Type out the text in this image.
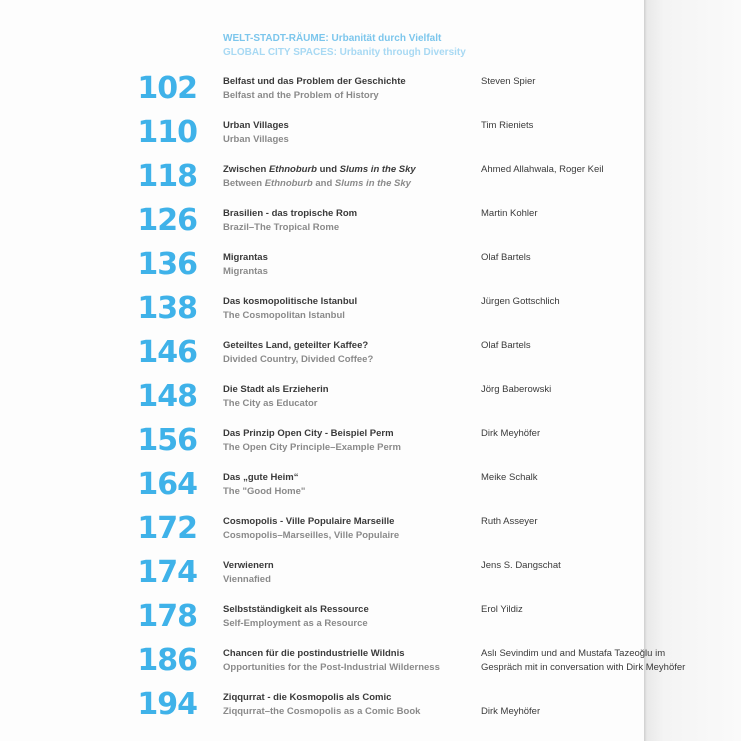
WELT-STADT-RÄUME: Urbanität durch Vielfalt
GLOBAL CITY SPACES: Urbanity through Diversity
102	Belfast und das Problem der Geschichte
Belfast and the Problem of History
Steven Spier
110	Urban Villages
Urban Villages
Tim Rieniets
118	Zwischen Ethnoburb und Slums in the Sky
Between Ethnoburb and Slums in the Sky
Ahmed Allahwala, Roger Keil
126	Brasilien - das tropische Rom
Brazil–The Tropical Rome
Martin Kohler
136	Migrantas
Migrantas
Olaf Bartels
138	Das kosmopolitische Istanbul
The Cosmopolitan Istanbul
Jürgen Gottschlich
146	Geteiltes Land, geteilter Kaffee?
Divided Country, Divided Coffee?
Olaf Bartels
148	Die Stadt als Erzieherin
The City as Educator
Jörg Baberowski
156	Das Prinzip Open City - Beispiel Perm
The Open City Principle–Example Perm
Dirk Meyhöfer
164	Das „gute Heim“
The "Good Home"
Meike Schalk
172	Cosmopolis - Ville Populaire Marseille
Cosmopolis–Marseilles, Ville Populaire
Ruth Asseyer
174	Verwienern
Viennafied
Jens S. Dangschat
178	Selbstständigkeit als Ressource
Self-Employment as a Resource
Erol Yildiz
186	Chancen für die postindustrielle Wildnis
Opportunities for the Post-Industrial Wilderness
Aslı Sevindim und and Mustafa Tazeoğlu im
Gespräch mit in conversation with Dirk Meyhöfer
194	Ziqqurrat - die Kosmopolis als Comic
Ziqqurrat–the Cosmopolis as a Comic Book	Dirk Meyhöfer
